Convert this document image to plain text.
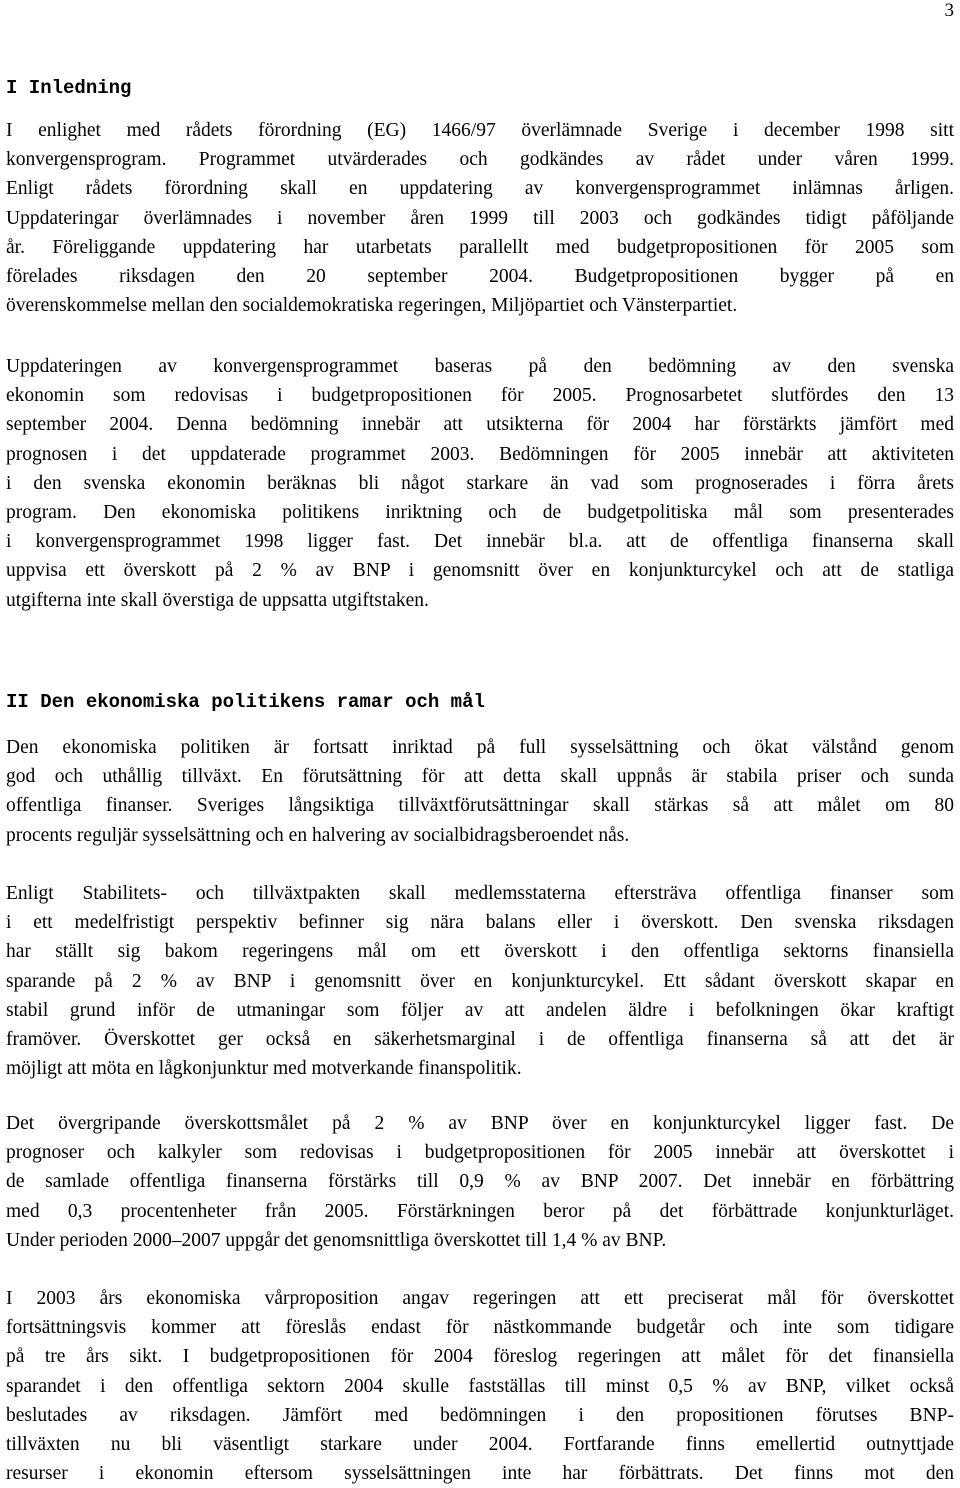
3
I Inledning
I enlighet med rådets förordning (EG) 1466/97 överlämnade Sverige i december 1998 sitt
konvergensprogram. Programmet utvärderades och godkändes av rådet under våren 1999.
Enligt rådets förordning skall en uppdatering av konvergensprogrammet inlämnas årligen.
Uppdateringar överlämnades i november åren 1999 till 2003 och godkändes tidigt påföljande
år. Föreliggande uppdatering har utarbetats parallellt med budgetpropositionen för 2005 som
förelades riksdagen den 20 september 2004. Budgetpropositionen bygger på en
överenskommelse mellan den socialdemokratiska regeringen, Miljöpartiet och Vänsterpartiet.
Uppdateringen av konvergensprogrammet baseras på den bedömning av den svenska
ekonomin som redovisas i budgetpropositionen för 2005. Prognosarbetet slutfördes den 13
september 2004. Denna bedömning innebär att utsikterna för 2004 har förstärkts jämfört med
prognosen i det uppdaterade programmet 2003. Bedömningen för 2005 innebär att aktiviteten
i den svenska ekonomin beräknas bli något starkare än vad som prognoserades i förra årets
program. Den ekonomiska politikens inriktning och de budgetpolitiska mål som presenterades
i konvergensprogrammet 1998 ligger fast. Det innebär bl.a. att de offentliga finanserna skall
uppvisa ett överskott på 2 % av BNP i genomsnitt över en konjunkturcykel och att de statliga
utgifterna inte skall överstiga de uppsatta utgiftstaken.
II Den ekonomiska politikens ramar och mål
Den ekonomiska politiken är fortsatt inriktad på full sysselsättning och ökat välstånd genom
god och uthållig tillväxt. En förutsättning för att detta skall uppnås är stabila priser och sunda
offentliga finanser. Sveriges långsiktiga tillväxtförutsättningar skall stärkas så att målet om 80
procents reguljär sysselsättning och en halvering av socialbidragsberoendet nås.
Enligt Stabilitets- och tillväxtpakten skall medlemsstaterna eftersträva offentliga finanser som
i ett medelfristigt perspektiv befinner sig nära balans eller i överskott. Den svenska riksdagen
har ställt sig bakom regeringens mål om ett överskott i den offentliga sektorns finansiella
sparande på 2 % av BNP i genomsnitt över en konjunkturcykel. Ett sådant överskott skapar en
stabil grund inför de utmaningar som följer av att andelen äldre i befolkningen ökar kraftigt
framöver. Överskottet ger också en säkerhetsmarginal i de offentliga finanserna så att det är
möjligt att möta en lågkonjunktur med motverkande finanspolitik.
Det övergripande överskottsmålet på 2 % av BNP över en konjunkturcykel ligger fast. De
prognoser och kalkyler som redovisas i budgetpropositionen för 2005 innebär att överskottet i
de samlade offentliga finanserna förstärks till 0,9 % av BNP 2007. Det innebär en förbättring
med 0,3 procentenheter från 2005. Förstärkningen beror på det förbättrade konjunkturläget.
Under perioden 2000–2007 uppgår det genomsnittliga överskottet till 1,4 % av BNP.
I 2003 års ekonomiska vårproposition angav regeringen att ett preciserat mål för överskottet
fortsättningsvis kommer att föreslås endast för nästkommande budgetår och inte som tidigare
på tre års sikt. I budgetpropositionen för 2004 föreslog regeringen att målet för det finansiella
sparandet i den offentliga sektorn 2004 skulle fastställas till minst 0,5 % av BNP, vilket också
beslutades av riksdagen. Jämfört med bedömningen i den propositionen förutses BNP-
tillväxten nu bli väsentligt starkare under 2004. Fortfarande finns emellertid outnyttjade
resurser i ekonomin eftersom sysselsättningen inte har förbättrats. Det finns mot den
